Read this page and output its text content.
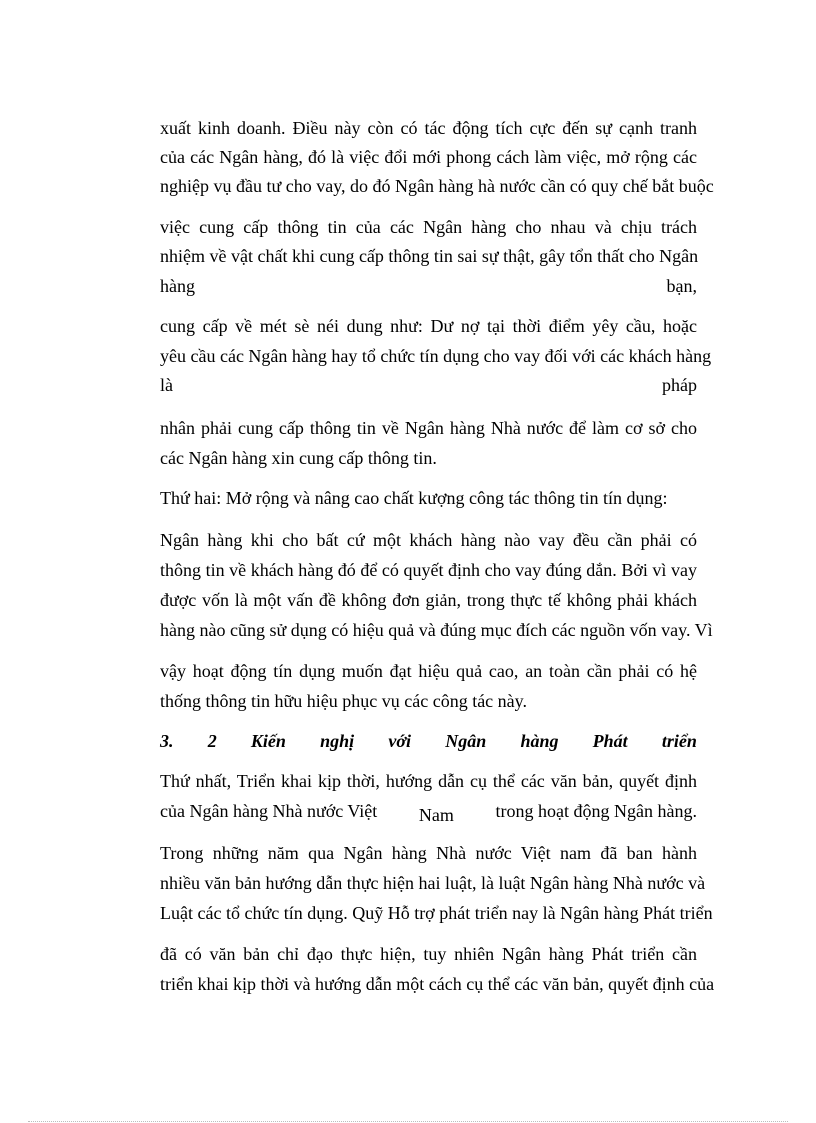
xuất kinh doanh. Điều này còn có tác động tích cực đến sự cạnh tranh
của các Ngân hàng, đó là việc đổi mới phong cách làm việc, mở rộng các
nghiệp vụ đầu tư cho vay, do đó Ngân hàng hà nước cần có quy chế bắt buộc
việc cung cấp thông tin của các Ngân hàng cho nhau và chịu trách
nhiệm về vật chất khi cung cấp thông tin sai sự thật, gây tổn thất cho Ngân
hàng	bạn,
cung cấp về mét sè néi dung như: Dư nợ tại thời điểm yêy cầu, hoặc
yêu cầu các Ngân hàng hay tổ chức tín dụng cho vay đối với các khách hàng
là	pháp
nhân phải cung cấp thông tin về Ngân hàng Nhà nước để làm cơ sở cho
các Ngân hàng xin cung cấp thông tin.
Thứ hai: Mở rộng và nâng cao chất kượng công tác thông tin tín dụng:
Ngân hàng khi cho bất cứ một khách hàng nào vay đều cần phải có
thông tin về khách hàng đó để có quyết định cho vay đúng dắn. Bởi vì vay
được vốn là một vấn đề không đơn giản, trong thực tế không phải khách
hàng nào cũng sử dụng có hiệu quả và đúng mục đích các nguồn vốn vay. Vì
vậy hoạt động tín dụng muốn đạt hiệu quả cao, an toàn cần phải có hệ
thống thông tin hữu hiệu phục vụ các công tác này.
3. 2 Kiến nghị với Ngân hàng Phát triển
Thứ nhất, Triển khai kịp thời, hướng dẫn cụ thể các văn bản, quyết định
của Ngân hàng Nhà nước Việt Nam trong hoạt động Ngân hàng.
Trong những năm qua Ngân hàng Nhà nước Việt nam đã ban hành
nhiều văn bản hướng dẫn thực hiện hai luật, là luật Ngân hàng Nhà nước và
Luật các tổ chức tín dụng. Quỹ Hỗ trợ phát triển nay là Ngân hàng Phát triển
đã có văn bản chỉ đạo thực hiện, tuy nhiên Ngân hàng Phát triển cần
triển khai kịp thời và hướng dẫn một cách cụ thể các văn bản, quyết định của
